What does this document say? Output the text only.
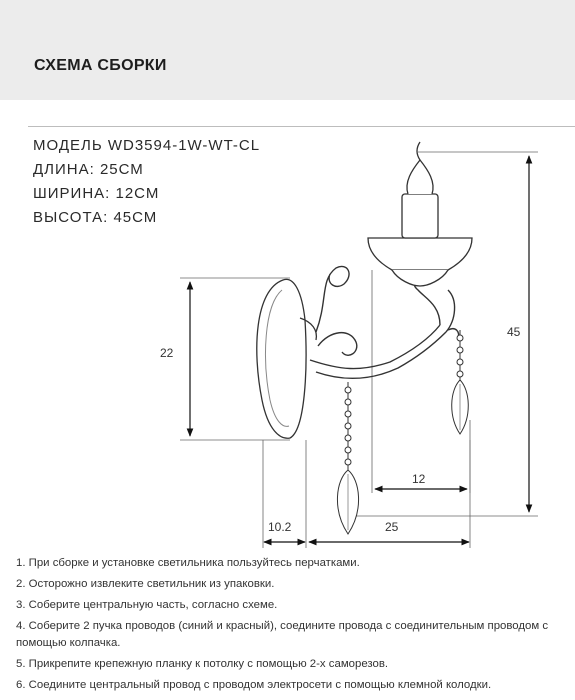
СХЕМА СБОРКИ
МОДЕЛЬ WD3594-1W-WT-CL
ДЛИНА: 25СМ
ШИРИНА: 12СМ
ВЫСОТА: 45СМ
45
22
10.2	25
12
1. При сборке и установке светильника пользуйтесь перчатками.
2. Осторожно извлеките светильник из упаковки.
3. Соберите центральную часть, согласно схеме.
4. Соберите 2 пучка проводов (синий и красный), соедините провода с соединительным проводом с помощью колпачка.
5. Прикрепите крепежную планку к потолку с помощью 2-х саморезов.
6. Соедините центральный провод с проводом электросети с помощью клемной колодки.
